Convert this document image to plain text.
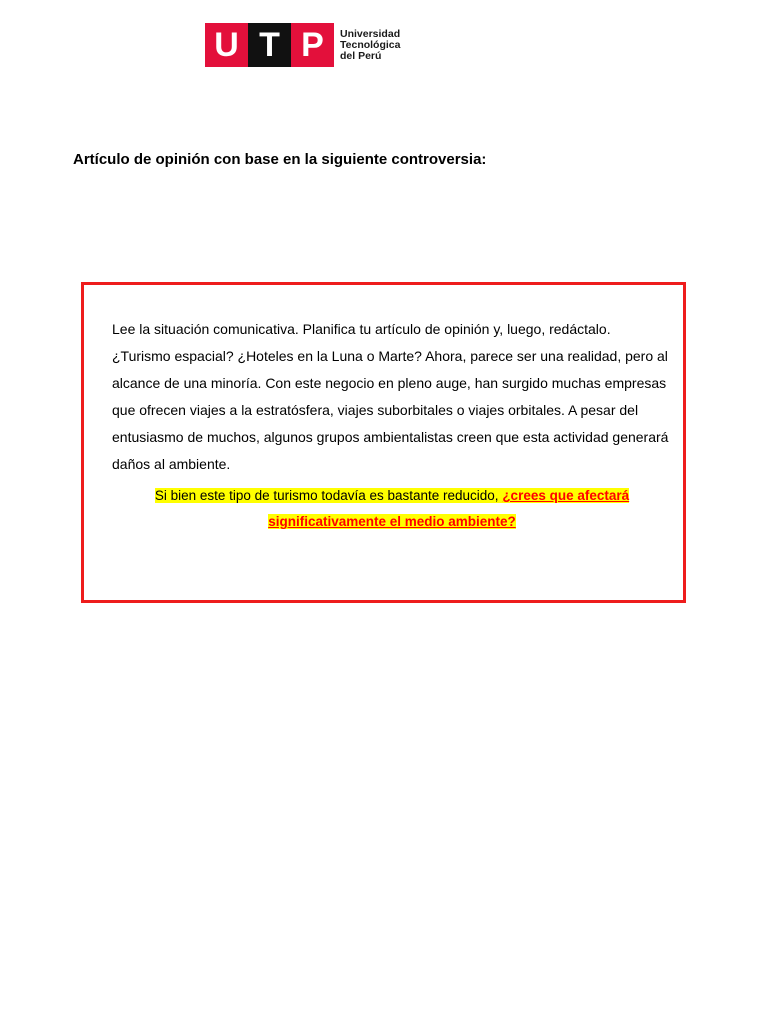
U T P	Universidad
Tecnológica
del Perú
Artículo de opinión con base en la siguiente controversia:

Lee la situación comunicativa. Planifica tu artículo de opinión y, luego, redáctalo.

¿Turismo espacial? ¿Hoteles en la Luna o Marte? Ahora, parece ser una realidad, pero al

alcance de una minoría. Con este negocio en pleno auge, han surgido muchas empresas

que ofrecen viajes a la estratósfera, viajes suborbitales o viajes orbitales. A pesar del

entusiasmo de muchos, algunos grupos ambientalistas creen que esta actividad generará

daños al ambiente.

Si bien este tipo de turismo todavía es bastante reducido, ¿crees que afectará
significativamente el medio ambiente?
